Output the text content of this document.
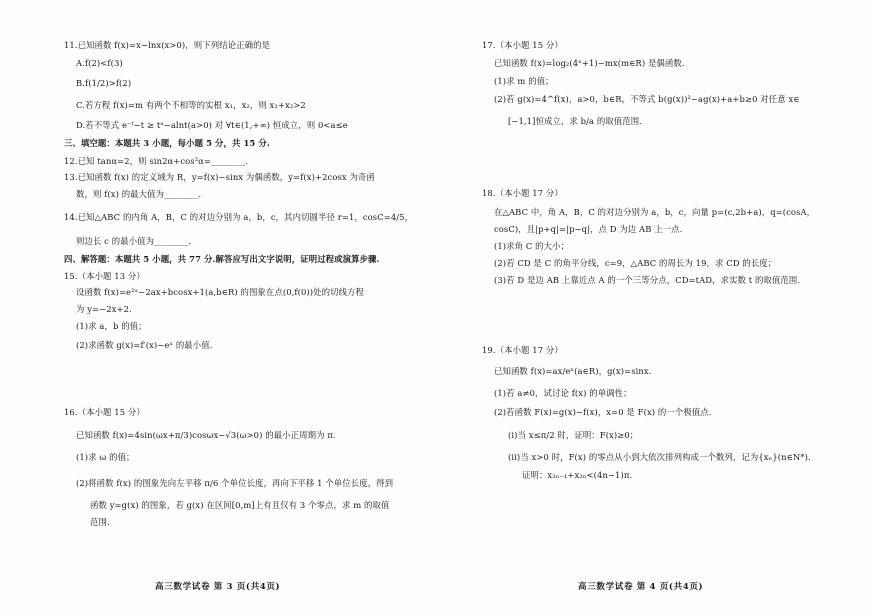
11.已知函数 f(x)=x−lnx(x>0)，则下列结论正确的是
A.f(2)<f(3)
B.f(1/2)>f(2)
C.若方程 f(x)=m 有两个不相等的实根 x₁，x₂，则 x₁+x₂>2
D.若不等式 e⁻ᵗ−t ≥ tᵃ−alnt(a>0) 对 ∀t∈(1,+∞) 恒成立，则 0<a≤e
三、填空题：本题共 3 小题，每小题 5 分，共 15 分.
12.已知 tanα=2，则 sin2α+cos²α=________.
13.已知函数 f(x) 的定义域为 R，y=f(x)−sinx 为偶函数，y=f(x)+2cosx 为奇函
数，则 f(x) 的最大值为________.
14.已知△ABC 的内角 A，B，C 的对边分别为 a，b，c，其内切圆半径 r=1，cosC=4/5，
则边长 c 的最小值为________.
四、解答题：本题共 5 小题，共 77 分.解答应写出文字说明，证明过程或演算步骤.
15.（本小题 13 分）
设函数 f(x)=e²ˣ−2ax+bcosx+1(a,b∈R) 的图象在点(0,f(0))处的切线方程
为 y=−2x+2.
(1)求 a，b 的值；
(2)求函数 g(x)=f′(x)−eˣ 的最小值.
16.（本小题 15 分）
已知函数 f(x)=4sin(ωx+π/3)cosωx−√3(ω>0) 的最小正周期为 π.
(1)求 ω 的值；
(2)将函数 f(x) 的图象先向左平移 π/6 个单位长度，再向下平移 1 个单位长度，得到
函数 y=g(x) 的图象，若 g(x) 在区间[0,m]上有且仅有 3 个零点，求 m 的取值
范围.
高三数学试卷 第 3 页(共4页)
17.（本小题 15 分）
已知函数 f(x)=log₂(4ˣ+1)−mx(m∈R) 是偶函数.
(1)求 m 的值；
(2)若 g(x)=4^f(x)，a>0，b∈R，不等式 b(g(x))²−ag(x)+a+b≥0 对任意 x∈
[−1,1]恒成立，求 b/a 的取值范围.
18.（本小题 17 分）
在△ABC 中，角 A，B，C 的对边分别为 a，b，c，向量 p=(c,2b+a)，q=(cosA，
cosC)，且|p+q|=|p−q|，点 D 为边 AB 上一点.
(1)求角 C 的大小；
(2)若 CD 是 C 的角平分线，c=9，△ABC 的周长为 19，求 CD 的长度；
(3)若 D 是边 AB 上靠近点 A 的一个三等分点，CD=tAD，求实数 t 的取值范围.
19.（本小题 17 分）
已知函数 f(x)=ax/eˣ(a∈R)，g(x)=sinx.
(1)若 a≠0，试讨论 f(x) 的单调性；
(2)若函数 F(x)=g(x)−f(x)，x=0 是 F(x) 的一个极值点.
(i)当 x≤π/2 时，证明：F(x)≥0；
(ii)当 x>0 时，F(x) 的零点从小到大依次排列构成一个数列，记为{xₙ}(n∈N*).
证明：x₂ₙ₋₁+x₂ₙ<(4n−1)π.
高三数学试卷 第 4 页(共4页)
